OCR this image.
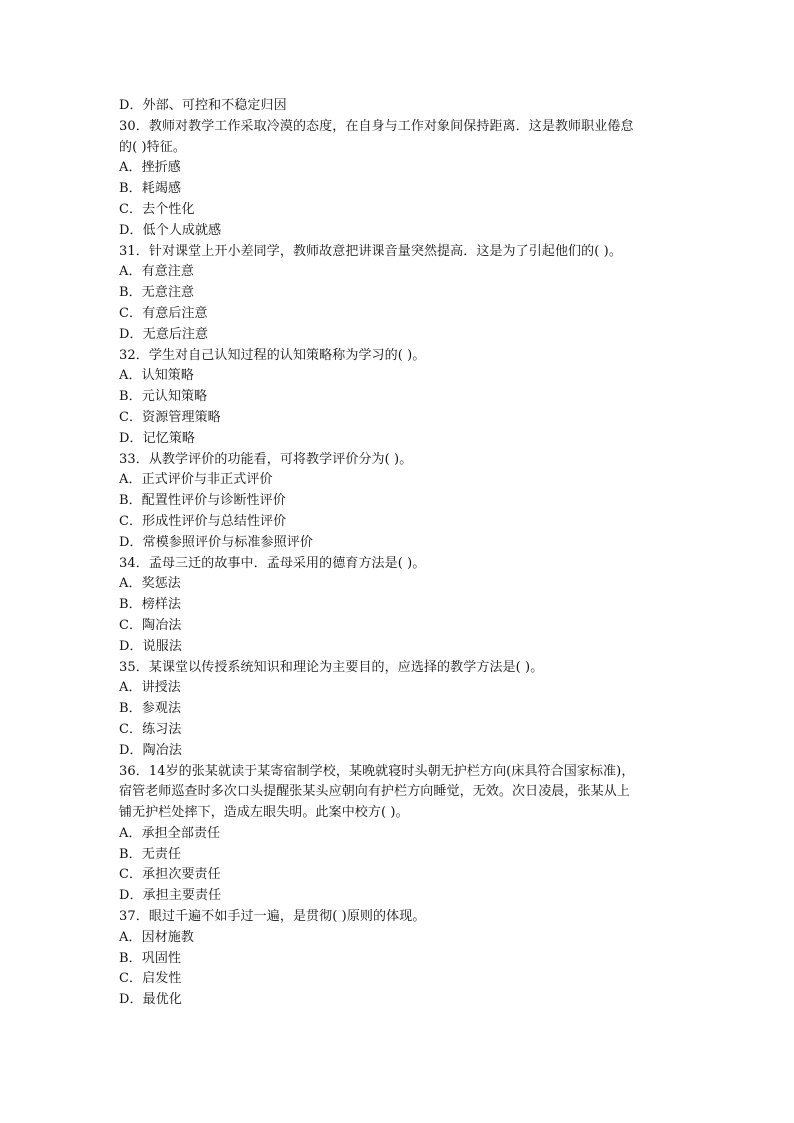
D．外部、可控和不稳定归因
30．教师对教学工作采取冷漠的态度，在自身与工作对象间保持距离．这是教师职业倦怠
的( )特征。
A．挫折感
B．耗竭感
C．去个性化
D．低个人成就感
31．针对课堂上开小差同学，教师故意把讲课音量突然提高．这是为了引起他们的( )。
A．有意注意
B．无意注意
C．有意后注意
D．无意后注意
32．学生对自己认知过程的认知策略称为学习的( )。
A．认知策略
B．元认知策略
C．资源管理策略
D．记忆策略
33．从教学评价的功能看，可将教学评价分为( )。
A．正式评价与非正式评价
B．配置性评价与诊断性评价
C．形成性评价与总结性评价
D．常模参照评价与标准参照评价
34．孟母三迁的故事中．孟母采用的德育方法是( )。
A．奖惩法
B．榜样法
C．陶冶法
D．说服法
35．某课堂以传授系统知识和理论为主要目的，应选择的教学方法是( )。
A．讲授法
B．参观法
C．练习法
D．陶冶法
36．14岁的张某就读于某寄宿制学校，某晚就寝时头朝无护栏方向(床具符合国家标准)，
宿管老师巡查时多次口头提醒张某头应朝向有护栏方向睡觉，无效。次日凌晨，张某从上
铺无护栏处摔下，造成左眼失明。此案中校方( )。
A．承担全部责任
B．无责任
C．承担次要责任
D．承担主要责任
37．眼过千遍不如手过一遍，是贯彻( )原则的体现。
A．因材施教
B．巩固性
C．启发性
D．最优化
